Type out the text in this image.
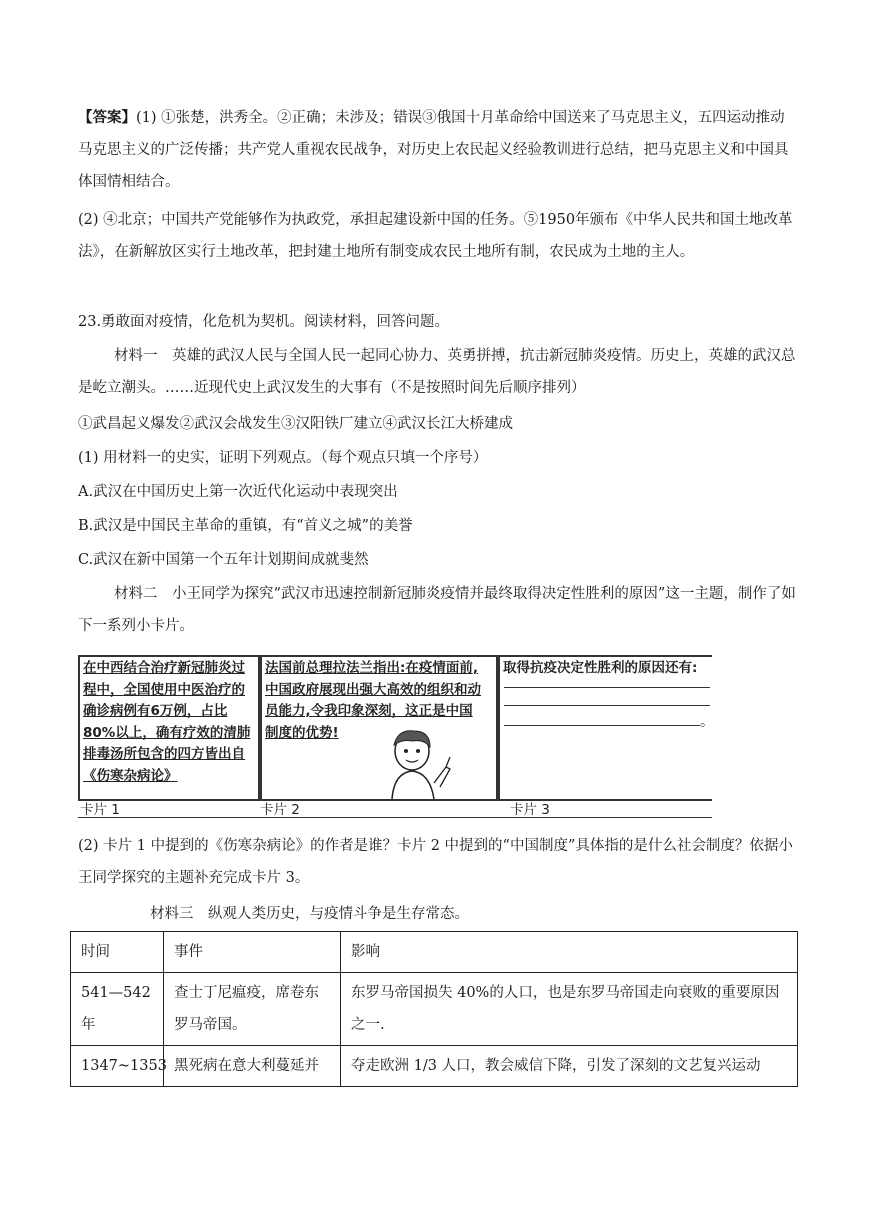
【答案】(1) ①张楚，洪秀全。②正确；未涉及；错误③俄国十月革命给中国送来了马克思主义，五四运动推动马克思主义的广泛传播；共产党人重视农民战争，对历史上农民起义经验教训进行总结，把马克思主义和中国具体国情相结合。
(2) ④北京；中国共产党能够作为执政党，承担起建设新中国的任务。⑤1950年颁布《中华人民共和国土地改革法》，在新解放区实行土地改革，把封建土地所有制变成农民土地所有制，农民成为土地的主人。
23.勇敢面对疫情，化危机为契机。阅读材料，回答问题。
材料一　英雄的武汉人民与全国人民一起同心协力、英勇拼搏，抗击新冠肺炎疫情。历史上，英雄的武汉总是屹立潮头。……近现代史上武汉发生的大事有（不是按照时间先后顺序排列）
①武昌起义爆发②武汉会战发生③汉阳铁厂建立④武汉长江大桥建成
(1) 用材料一的史实，证明下列观点。（每个观点只填一个序号）
A.武汉在中国历史上第一次近代化运动中表现突出
B.武汉是中国民主革命的重镇，有“首义之城”的美誉
C.武汉在新中国第一个五年计划期间成就斐然
材料二　小王同学为探究“武汉市迅速控制新冠肺炎疫情并最终取得决定性胜利的原因”这一主题，制作了如下一系列小卡片。
在中西结合治疗新冠肺炎过程中，全国使用中医治疗的确诊病例有6万例，占比80%以上，确有疗效的清肺排毒汤所包含的四方皆出自《伤寒杂病论》
法国前总理拉法兰指出:在疫情面前,中国政府展现出强大高效的组织和动员能力,令我印象深刻，这正是中国制度的优势!
取得抗疫决定性胜利的原因还有:
。
卡片 1	卡片 2	卡片 3
(2) 卡片 1 中提到的《伤寒杂病论》的作者是谁？卡片 2 中提到的“中国制度”具体指的是什么社会制度？依据小王同学探究的主题补充完成卡片 3。
材料三　纵观人类历史，与疫情斗争是生存常态。
时间	事件	影响
541—542年	查士丁尼瘟疫，席卷东罗马帝国。	东罗马帝国损失 40%的人口，也是东罗马帝国走向衰败的重要原因之一.
1347~1353	黑死病在意大利蔓延并	夺走欧洲 1/3 人口，教会威信下降，引发了深刻的文艺复兴运动
